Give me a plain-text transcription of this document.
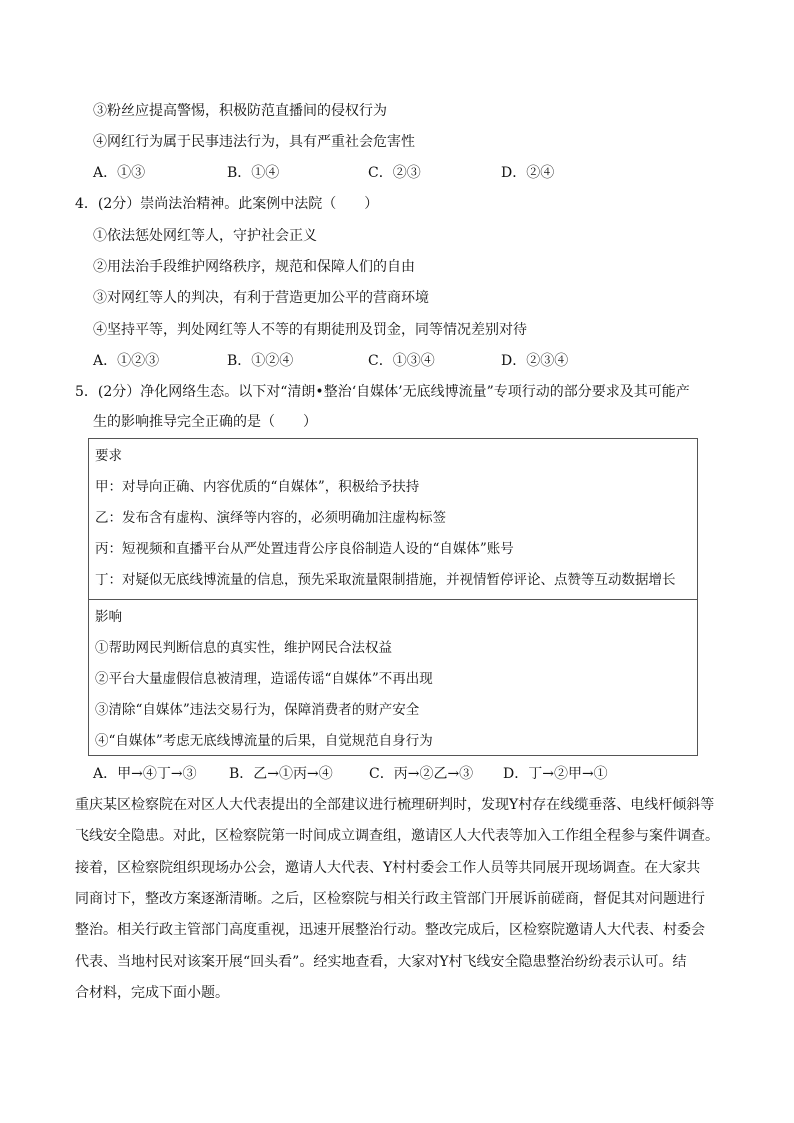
③粉丝应提高警惕，积极防范直播间的侵权行为
④网红行为属于民事违法行为，具有严重社会危害性
A．①③	B．①④	C．②③	D．②④
4．(2分）崇尚法治精神。此案例中法院（　　）
①依法惩处网红等人，守护社会正义
②用法治手段维护网络秩序，规范和保障人们的自由
③对网红等人的判决，有利于营造更加公平的营商环境
④坚持平等，判处网红等人不等的有期徒刑及罚金，同等情况差别对待
A．①②③	B．①②④	C．①③④	D．②③④
5．(2分）净化网络生态。以下对“清朗•整治‘自媒体’无底线博流量”专项行动的部分要求及其可能产
生的影响推导完全正确的是（　　）
要求
甲：对导向正确、内容优质的“自媒体”，积极给予扶持
乙：发布含有虚构、演绎等内容的，必须明确加注虚构标签
丙：短视频和直播平台从严处置违背公序良俗制造人设的“自媒体”账号
丁：对疑似无底线博流量的信息，预先采取流量限制措施，并视情暂停评论、点赞等互动数据增长
影响
①帮助网民判断信息的真实性，维护网民合法权益
②平台大量虚假信息被清理，造谣传谣“自媒体”不再出现
③清除“自媒体”违法交易行为，保障消费者的财产安全
④“自媒体”考虑无底线博流量的后果，自觉规范自身行为
A．甲→④丁→③ B．乙→①丙→④	C．丙→②乙→③ D．丁→②甲→①
重庆某区检察院在对区人大代表提出的全部建议进行梳理研判时，发现Y村存在线缆垂落、电线杆倾斜等
飞线安全隐患。对此，区检察院第一时间成立调查组，邀请区人大代表等加入工作组全程参与案件调查。
接着，区检察院组织现场办公会，邀请人大代表、Y村村委会工作人员等共同展开现场调查。在大家共
同商讨下，整改方案逐渐清晰。之后，区检察院与相关行政主管部门开展诉前磋商，督促其对问题进行
整治。相关行政主管部门高度重视，迅速开展整治行动。整改完成后，区检察院邀请人大代表、村委会
代表、当地村民对该案开展“回头看”。经实地查看，大家对Y村飞线安全隐患整治纷纷表示认可。结
合材料，完成下面小题。
